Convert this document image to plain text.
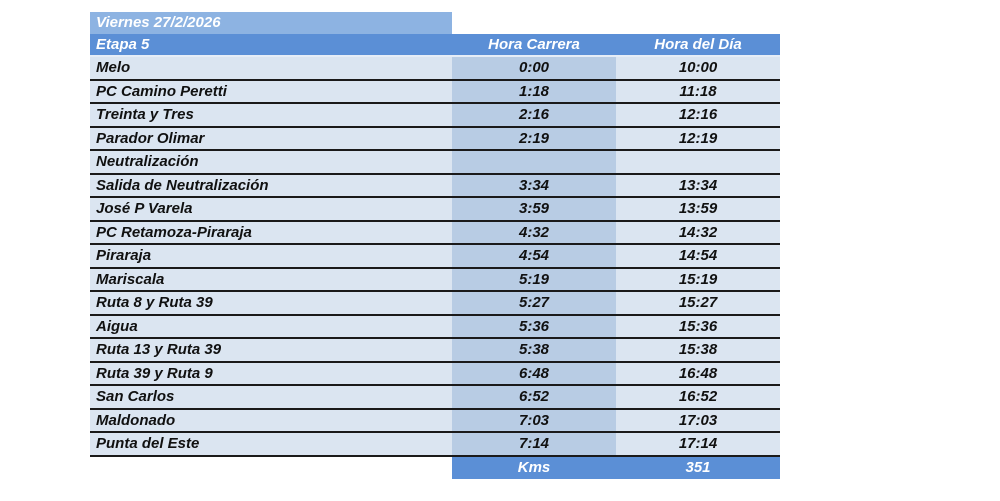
Viernes 27/2/2026
Etapa 5	Hora Carrera	Hora del Día
Melo	0:00	10:00
PC Camino Peretti	1:18	11:18
Treinta y Tres	2:16	12:16
Parador Olimar	2:19	12:19
Neutralización		
Salida de Neutralización	3:34	13:34
José P Varela	3:59	13:59
PC Retamoza-Piraraja	4:32	14:32
Piraraja	4:54	14:54
Mariscala	5:19	15:19
Ruta 8 y Ruta 39	5:27	15:27
Aigua	5:36	15:36
Ruta 13 y Ruta 39	5:38	15:38
Ruta 39 y Ruta 9	6:48	16:48
San Carlos	6:52	16:52
Maldonado	7:03	17:03
Punta del Este	7:14	17:14
	Kms	351
